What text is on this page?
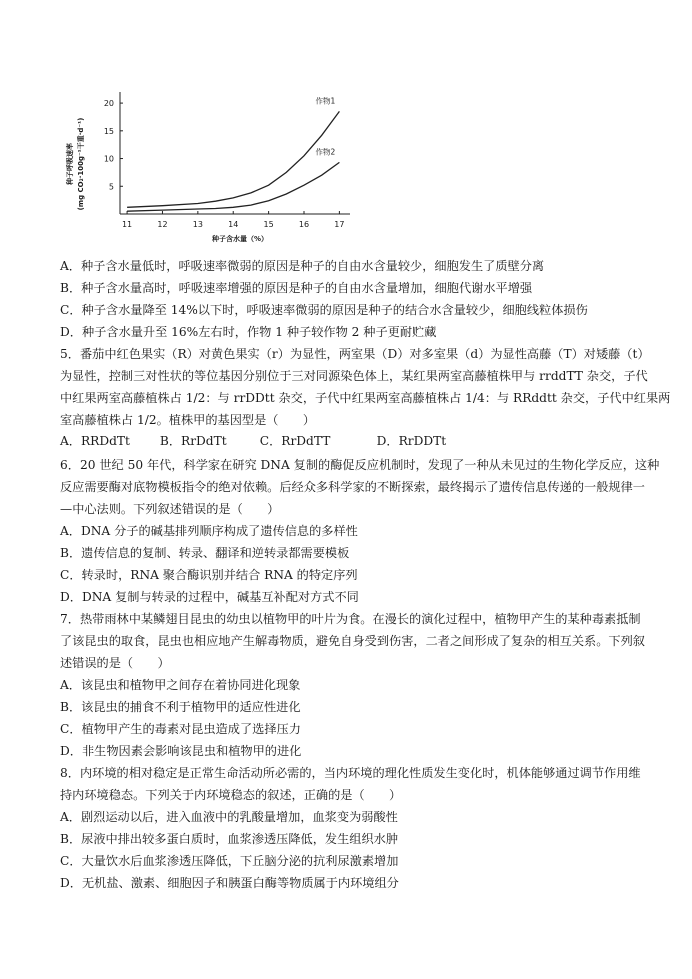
种子呼吸速率 (mg CO₂·100g⁻¹干重·d⁻¹)
11	12	13	14	15	16	17
5
10
15
20	作物1
作物2
种子含水量（%）
A．种子含水量低时，呼吸速率微弱的原因是种子的自由水含量较少，细胞发生了质壁分离
B．种子含水量高时，呼吸速率增强的原因是种子的自由水含量增加，细胞代谢水平增强
C．种子含水量降至 14%以下时，呼吸速率微弱的原因是种子的结合水含量较少，细胞线粒体损伤
D．种子含水量升至 16%左右时，作物 1 种子较作物 2 种子更耐贮藏
5．番茄中红色果实（R）对黄色果实（r）为显性，两室果（D）对多室果（d）为显性高藤（T）对矮藤（t）
为显性，控制三对性状的等位基因分别位于三对同源染色体上，某红果两室高藤植株甲与 rrddTT 杂交，子代
中红果两室高藤植株占 1/2：与 rrDDtt 杂交，子代中红果两室高藤植株占 1/4：与 RRddtt 杂交，子代中红果两
室高藤植株占 1/2。植株甲的基因型是（　　）
6．20 世纪 50 年代，科学家在研究 DNA 复制的酶促反应机制时，发现了一种从未见过的生物化学反应，这种
反应需要酶对底物模板指令的绝对依赖。后经众多科学家的不断探索，最终揭示了遗传信息传递的一般规律一
—中心法则。下列叙述错误的是（　　）
A．DNA 分子的碱基排列顺序构成了遗传信息的多样性
B．遗传信息的复制、转录、翻译和逆转录都需要模板
C．转录时，RNA 聚合酶识别并结合 RNA 的特定序列
D．DNA 复制与转录的过程中，碱基互补配对方式不同
7．热带雨林中某鳞翅目昆虫的幼虫以植物甲的叶片为食。在漫长的演化过程中，植物甲产生的某种毒素抵制
了该昆虫的取食，昆虫也相应地产生解毒物质，避免自身受到伤害，二者之间形成了复杂的相互关系。下列叙
述错误的是（　　）
A．该昆虫和植物甲之间存在着协同进化现象
B．该昆虫的捕食不利于植物甲的适应性进化
C．植物甲产生的毒素对昆虫造成了选择压力
D．非生物因素会影响该昆虫和植物甲的进化
8．内环境的相对稳定是正常生命活动所必需的，当内环境的理化性质发生变化时，机体能够通过调节作用维
持内环境稳态。下列关于内环境稳态的叙述，正确的是（　　）
A．剧烈运动以后，进入血液中的乳酸量增加，血浆变为弱酸性
B．尿液中排出较多蛋白质时，血浆渗透压降低，发生组织水肿
C．大量饮水后血浆渗透压降低，下丘脑分泌的抗利尿激素增加
D．无机盐、激素、细胞因子和胰蛋白酶等物质属于内环境组分
A．RRDdTt B．RrDdTt	C．RrDdTT	D．RrDDTt
